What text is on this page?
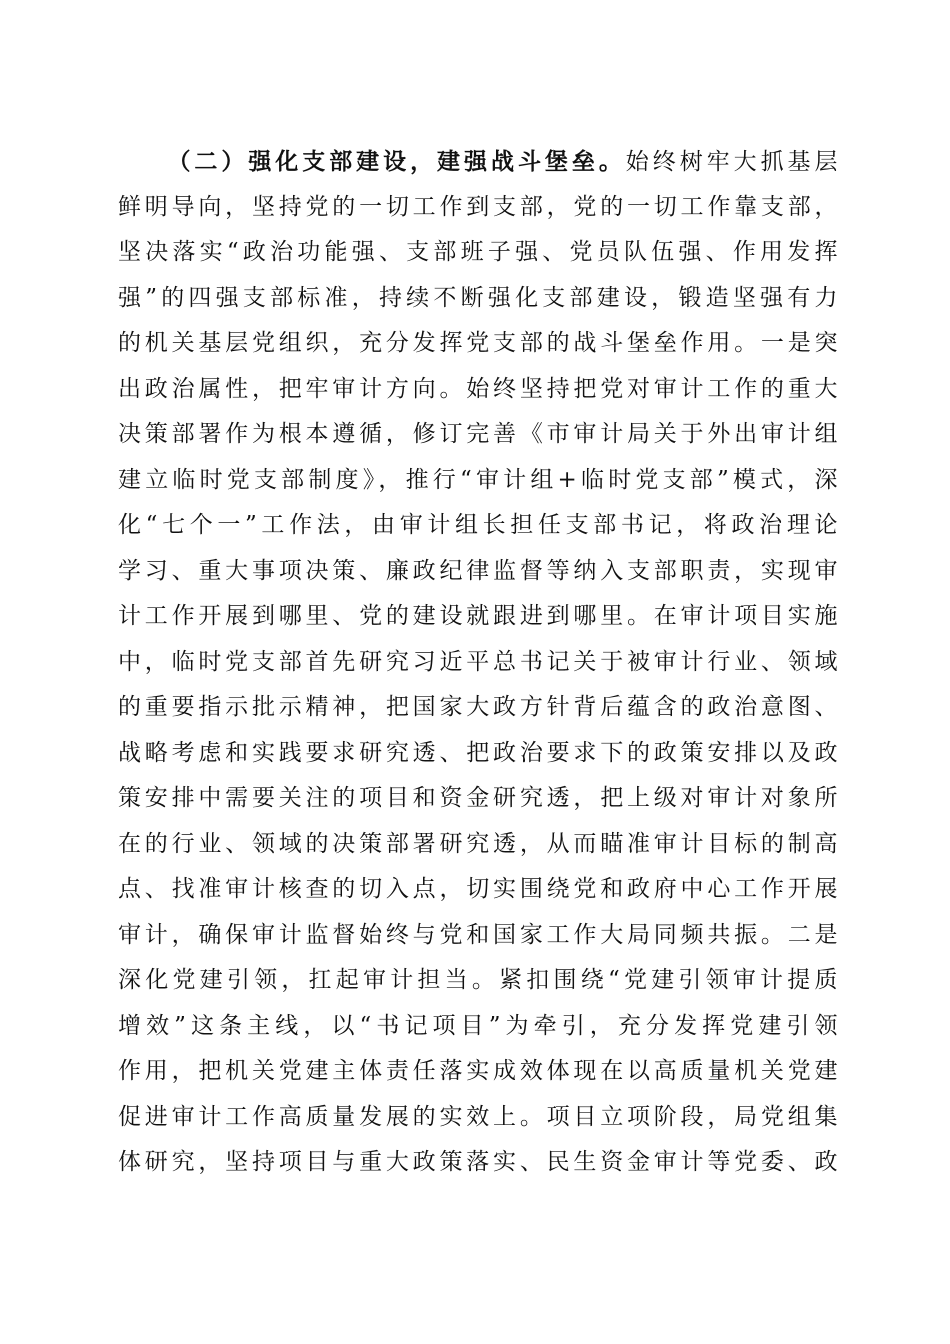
（二）强化支部建设，建强战斗堡垒。始终树牢大抓基层
鲜明导向，坚持党的一切工作到支部，党的一切工作靠支部，
坚决落实“政治功能强、支部班子强、党员队伍强、作用发挥
强”的四强支部标准，持续不断强化支部建设，锻造坚强有力
的机关基层党组织，充分发挥党支部的战斗堡垒作用。一是突
出政治属性，把牢审计方向。始终坚持把党对审计工作的重大
决策部署作为根本遵循，修订完善《市审计局关于外出审计组
建立临时党支部制度》，推行“审计组+临时党支部”模式，深
化“七个一”工作法，由审计组长担任支部书记，将政治理论
学习、重大事项决策、廉政纪律监督等纳入支部职责，实现审
计工作开展到哪里、党的建设就跟进到哪里。在审计项目实施
中，临时党支部首先研究习近平总书记关于被审计行业、领域
的重要指示批示精神，把国家大政方针背后蕴含的政治意图、
战略考虑和实践要求研究透、把政治要求下的政策安排以及政
策安排中需要关注的项目和资金研究透，把上级对审计对象所
在的行业、领域的决策部署研究透，从而瞄准审计目标的制高
点、找准审计核查的切入点，切实围绕党和政府中心工作开展
审计，确保审计监督始终与党和国家工作大局同频共振。二是
深化党建引领，扛起审计担当。紧扣围绕“党建引领审计提质
增效”这条主线，以“书记项目”为牵引，充分发挥党建引领
作用，把机关党建主体责任落实成效体现在以高质量机关党建
促进审计工作高质量发展的实效上。项目立项阶段，局党组集
体研究，坚持项目与重大政策落实、民生资金审计等党委、政
